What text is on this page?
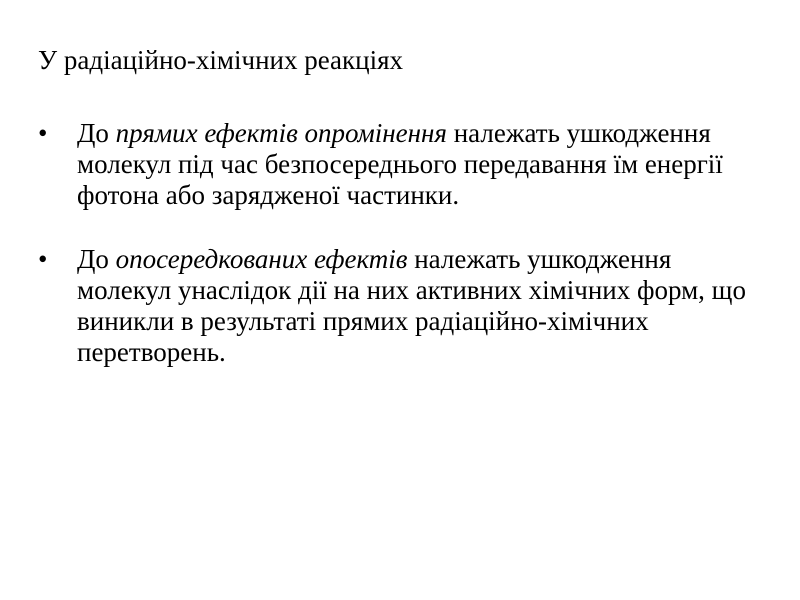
У радіаційно-хімічних реакціях
•	До прямих ефектів опромінення належать ушкодження молекул під час безпосереднього передавання їм енергії фотона або зарядженої частинки.
•	До опосередкованих ефектів належать ушкодження молекул унаслідок дії на них активних хімічних форм, що виникли в результаті прямих радіаційно-хімічних перетворень.
